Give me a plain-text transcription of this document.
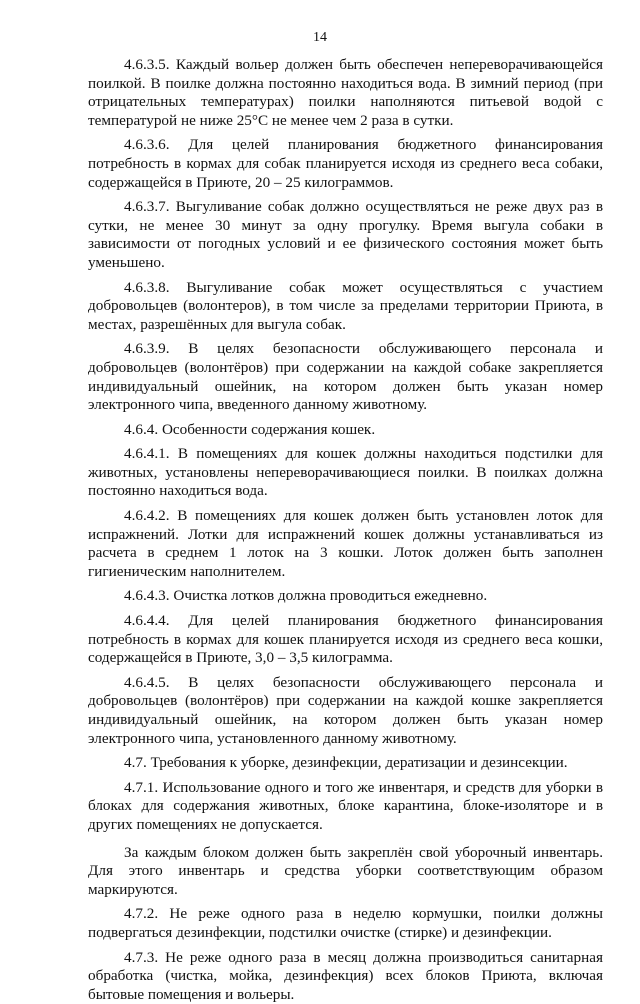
14

4.6.3.5. Каждый вольер должен быть обеспечен непереворачивающейся поилкой. В поилке должна постоянно находиться вода. В зимний период (при отрицательных температурах) поилки наполняются питьевой водой с температурой не ниже 25°С не менее чем 2 раза в сутки.

4.6.3.6. Для целей планирования бюджетного финансирования потребность в кормах для собак планируется исходя из среднего веса собаки, содержащейся в Приюте, 20 – 25 килограммов.

4.6.3.7. Выгуливание собак должно осуществляться не реже двух раз в сутки, не менее 30 минут за одну прогулку. Время выгула собаки в зависимости от погодных условий и ее физического состояния может быть уменьшено.

4.6.3.8. Выгуливание собак может осуществляться с участием добровольцев (волонтеров), в том числе за пределами территории Приюта, в местах, разрешённых для выгула собак.

4.6.3.9. В целях безопасности обслуживающего персонала и добровольцев (волонтёров) при содержании на каждой собаке закрепляется индивидуальный ошейник, на котором должен быть указан номер электронного чипа, введенного данному животному.

4.6.4. Особенности содержания кошек.

4.6.4.1. В помещениях для кошек должны находиться подстилки для животных, установлены непереворачивающиеся поилки. В поилках должна постоянно находиться вода.

4.6.4.2. В помещениях для кошек должен быть установлен лоток для испражнений. Лотки для испражнений кошек должны устанавливаться из расчета в среднем 1 лоток на 3 кошки. Лоток должен быть заполнен гигиеническим наполнителем.

4.6.4.3. Очистка лотков должна проводиться ежедневно.

4.6.4.4. Для целей планирования бюджетного финансирования потребность в кормах для кошек планируется исходя из среднего веса кошки, содержащейся в Приюте, 3,0 – 3,5 килограмма.

4.6.4.5. В целях безопасности обслуживающего персонала и добровольцев (волонтёров) при содержании на каждой кошке закрепляется индивидуальный ошейник, на котором должен быть указан номер электронного чипа, установленного данному животному.

4.7. Требования к уборке, дезинфекции, дератизации и дезинсекции.

4.7.1. Использование одного и того же инвентаря, и средств для уборки в блоках для содержания животных, блоке карантина, блоке-изоляторе и в других помещениях не допускается.

За каждым блоком должен быть закреплён свой уборочный инвентарь. Для этого инвентарь и средства уборки соответствующим образом маркируются.

4.7.2. Не реже одного раза в неделю кормушки, поилки должны подвергаться дезинфекции, подстилки очистке (стирке) и дезинфекции.

4.7.3. Не реже одного раза в месяц должна производиться санитарная обработка (чистка, мойка, дезинфекция) всех блоков Приюта, включая бытовые помещения и вольеры.
